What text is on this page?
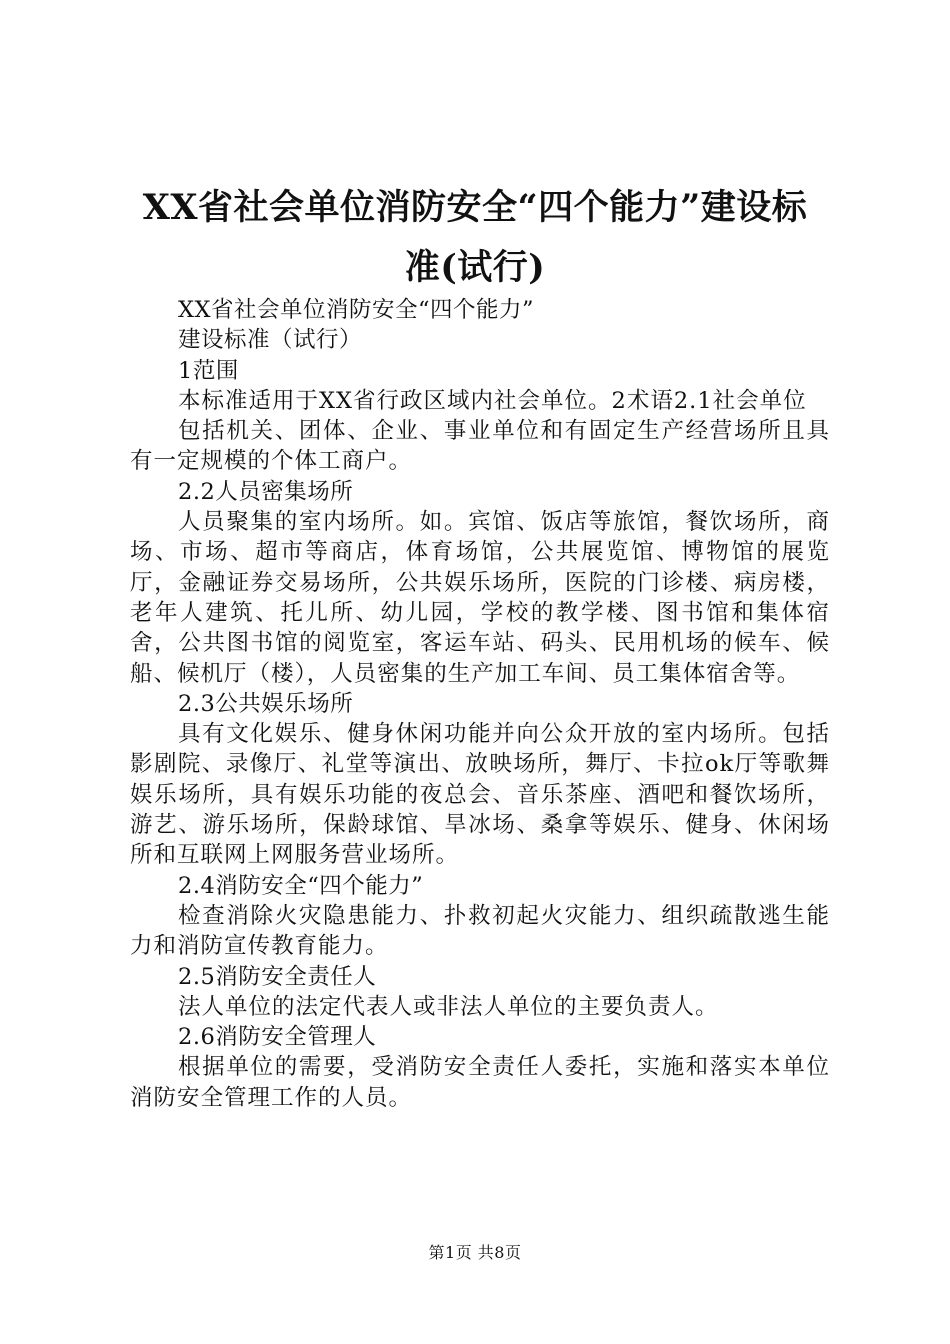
XX省社会单位消防安全“四个能力”建设标
准(试行)

XX省社会单位消防安全“四个能力”

建设标准（试行）

1范围

本标准适用于XX省行政区域内社会单位。2术语2.1社会单位

包括机关、团体、企业、事业单位和有固定生产经营场所且具有一定规模的个体工商户。

2.2人员密集场所

人员聚集的室内场所。如。宾馆、饭店等旅馆，餐饮场所，商场、市场、超市等商店，体育场馆，公共展览馆、博物馆的展览厅，金融证券交易场所，公共娱乐场所，医院的门诊楼、病房楼，老年人建筑、托儿所、幼儿园，学校的教学楼、图书馆和集体宿舍，公共图书馆的阅览室，客运车站、码头、民用机场的候车、候船、候机厅（楼），人员密集的生产加工车间、员工集体宿舍等。

2.3公共娱乐场所

具有文化娱乐、健身休闲功能并向公众开放的室内场所。包括影剧院、录像厅、礼堂等演出、放映场所，舞厅、卡拉ok厅等歌舞娱乐场所，具有娱乐功能的夜总会、音乐茶座、酒吧和餐饮场所，游艺、游乐场所，保龄球馆、旱冰场、桑拿等娱乐、健身、休闲场所和互联网上网服务营业场所。

2.4消防安全“四个能力”

检查消除火灾隐患能力、扑救初起火灾能力、组织疏散逃生能力和消防宣传教育能力。

2.5消防安全责任人

法人单位的法定代表人或非法人单位的主要负责人。

2.6消防安全管理人

根据单位的需要，受消防安全责任人委托，实施和落实本单位消防安全管理工作的人员。

第1页 共8页
